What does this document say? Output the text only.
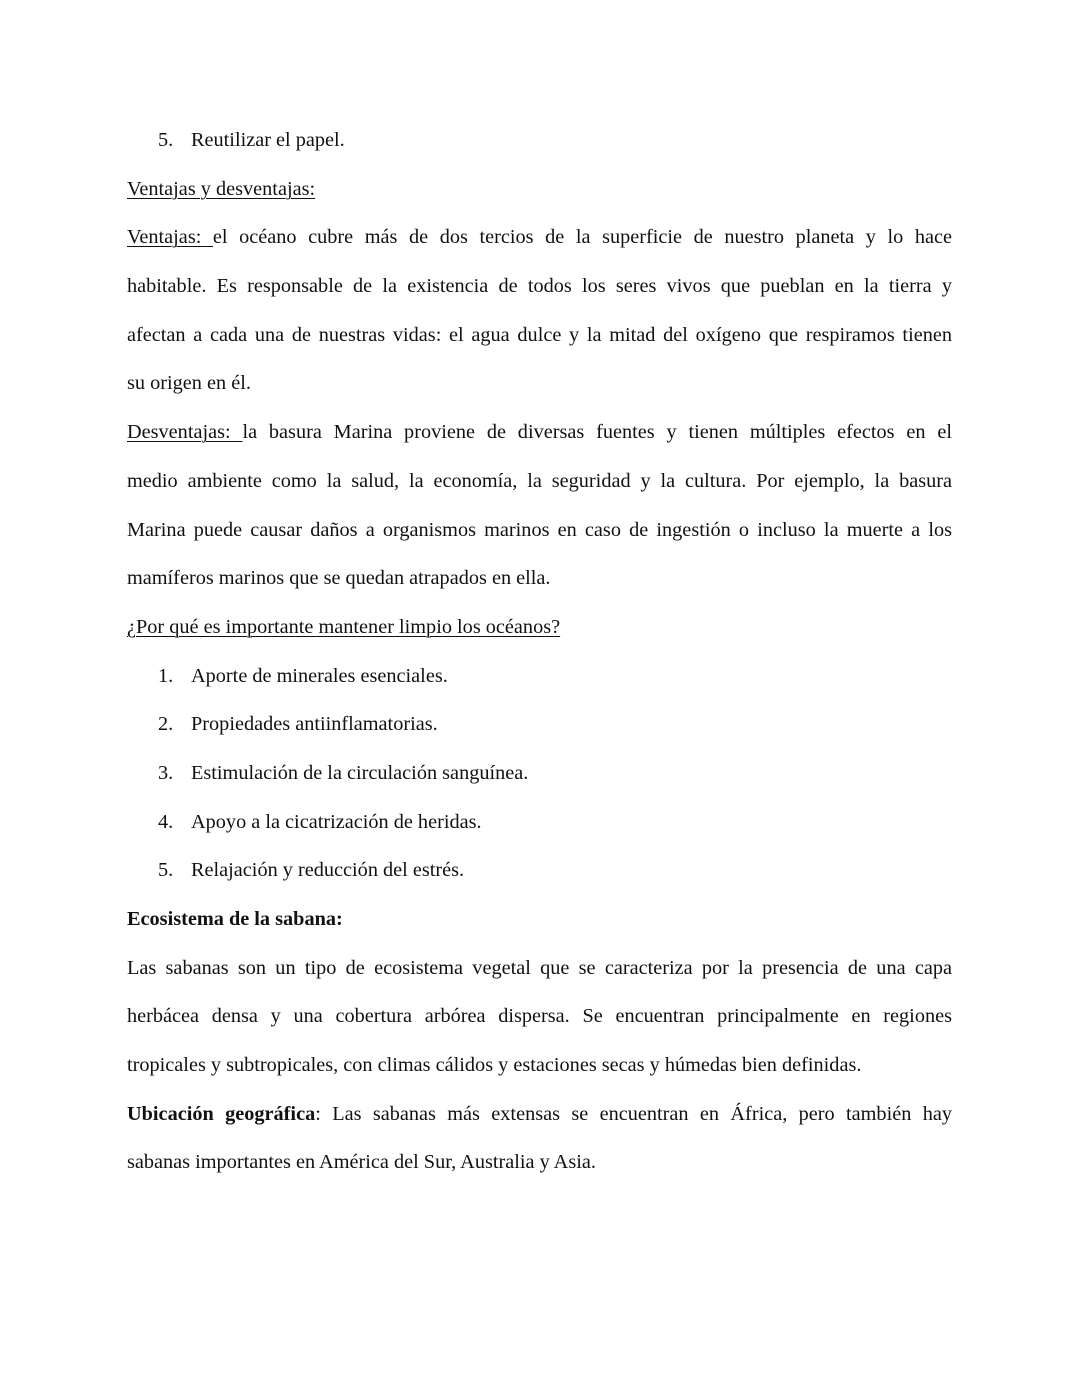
5. Reutilizar el papel.
Ventajas y desventajas:
Ventajas: el océano cubre más de dos tercios de la superficie de nuestro planeta y lo hace
habitable. Es responsable de la existencia de todos los seres vivos que pueblan en la tierra y
afectan a cada una de nuestras vidas: el agua dulce y la mitad del oxígeno que respiramos tienen
su origen en él.
Desventajas: la basura Marina proviene de diversas fuentes y tienen múltiples efectos en el
medio ambiente como la salud, la economía, la seguridad y la cultura. Por ejemplo, la basura
Marina puede causar daños a organismos marinos en caso de ingestión o incluso la muerte a los
mamíferos marinos que se quedan atrapados en ella.
¿Por qué es importante mantener limpio los océanos?
1. Aporte de minerales esenciales.
2. Propiedades antiinflamatorias.
3. Estimulación de la circulación sanguínea.
4. Apoyo a la cicatrización de heridas.
5. Relajación y reducción del estrés.
Ecosistema de la sabana:
Las sabanas son un tipo de ecosistema vegetal que se caracteriza por la presencia de una capa
herbácea densa y una cobertura arbórea dispersa. Se encuentran principalmente en regiones
tropicales y subtropicales, con climas cálidos y estaciones secas y húmedas bien definidas.
Ubicación geográfica: Las sabanas más extensas se encuentran en África, pero también hay
sabanas importantes en América del Sur, Australia y Asia.
